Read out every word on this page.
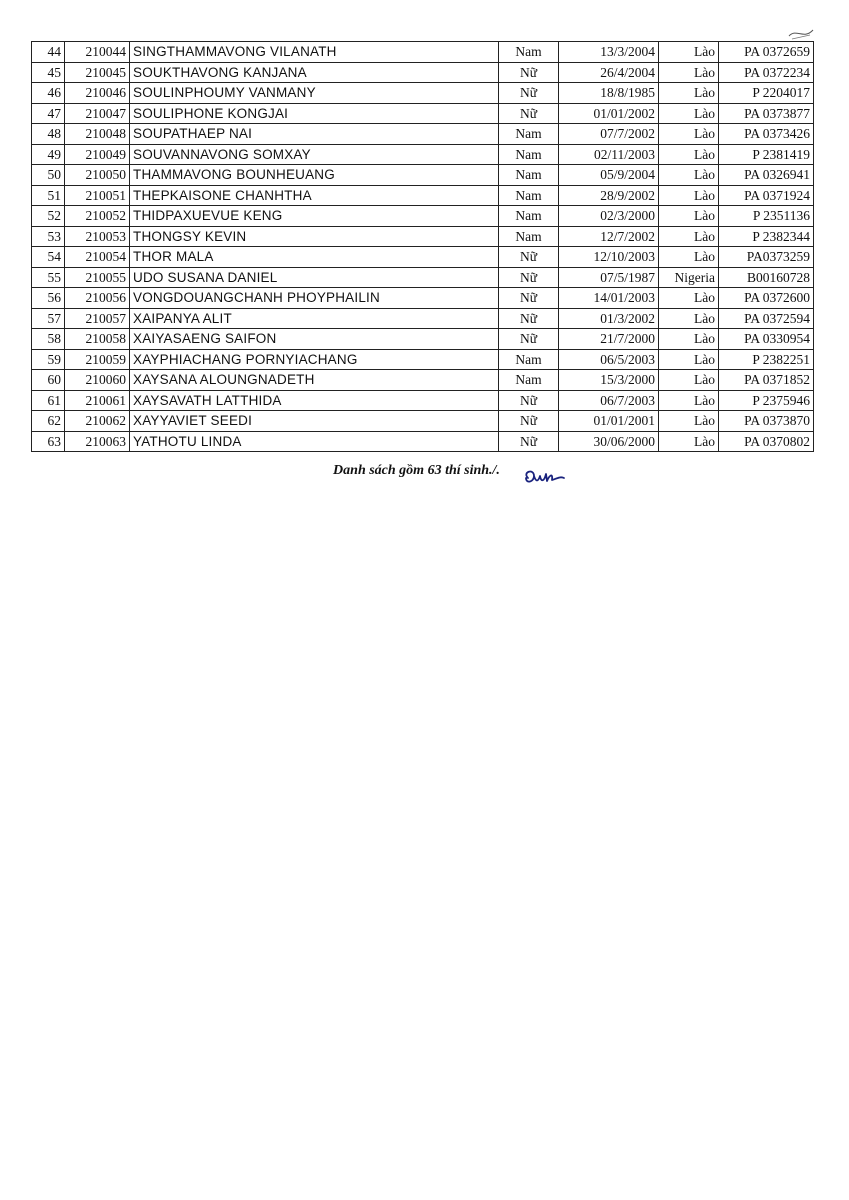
44	210044	SINGTHAMMAVONG VILANATH	Nam	13/3/2004	Lào	PA 0372659
45	210045	SOUKTHAVONG KANJANA	Nữ	26/4/2004	Lào	PA 0372234
46	210046	SOULINPHOUMY VANMANY	Nữ	18/8/1985	Lào	P 2204017
47	210047	SOULIPHONE KONGJAI	Nữ	01/01/2002	Lào	PA 0373877
48	210048	SOUPATHAEP NAI	Nam	07/7/2002	Lào	PA 0373426
49	210049	SOUVANNAVONG SOMXAY	Nam	02/11/2003	Lào	P 2381419
50	210050	THAMMAVONG BOUNHEUANG	Nam	05/9/2004	Lào	PA 0326941
51	210051	THEPKAISONE CHANHTHA	Nam	28/9/2002	Lào	PA 0371924
52	210052	THIDPAXUEVUE KENG	Nam	02/3/2000	Lào	P 2351136
53	210053	THONGSY KEVIN	Nam	12/7/2002	Lào	P 2382344
54	210054	THOR MALA	Nữ	12/10/2003	Lào	PA0373259
55	210055	UDO SUSANA DANIEL	Nữ	07/5/1987	Nigeria	B00160728
56	210056	VONGDOUANGCHANH PHOYPHAILIN	Nữ	14/01/2003	Lào	PA 0372600
57	210057	XAIPANYA ALIT	Nữ	01/3/2002	Lào	PA 0372594
58	210058	XAIYASAENG SAIFON	Nữ	21/7/2000	Lào	PA 0330954
59	210059	XAYPHIACHANG PORNYIACHANG	Nam	06/5/2003	Lào	P 2382251
60	210060	XAYSANA ALOUNGNADETH	Nam	15/3/2000	Lào	PA 0371852
61	210061	XAYSAVATH LATTHIDA	Nữ	06/7/2003	Lào	P 2375946
62	210062	XAYYAVIET SEEDI	Nữ	01/01/2001	Lào	PA 0373870
63	210063	YATHOTU LINDA	Nữ	30/06/2000	Lào	PA 0370802
Danh sách gồm 63 thí sinh./.
